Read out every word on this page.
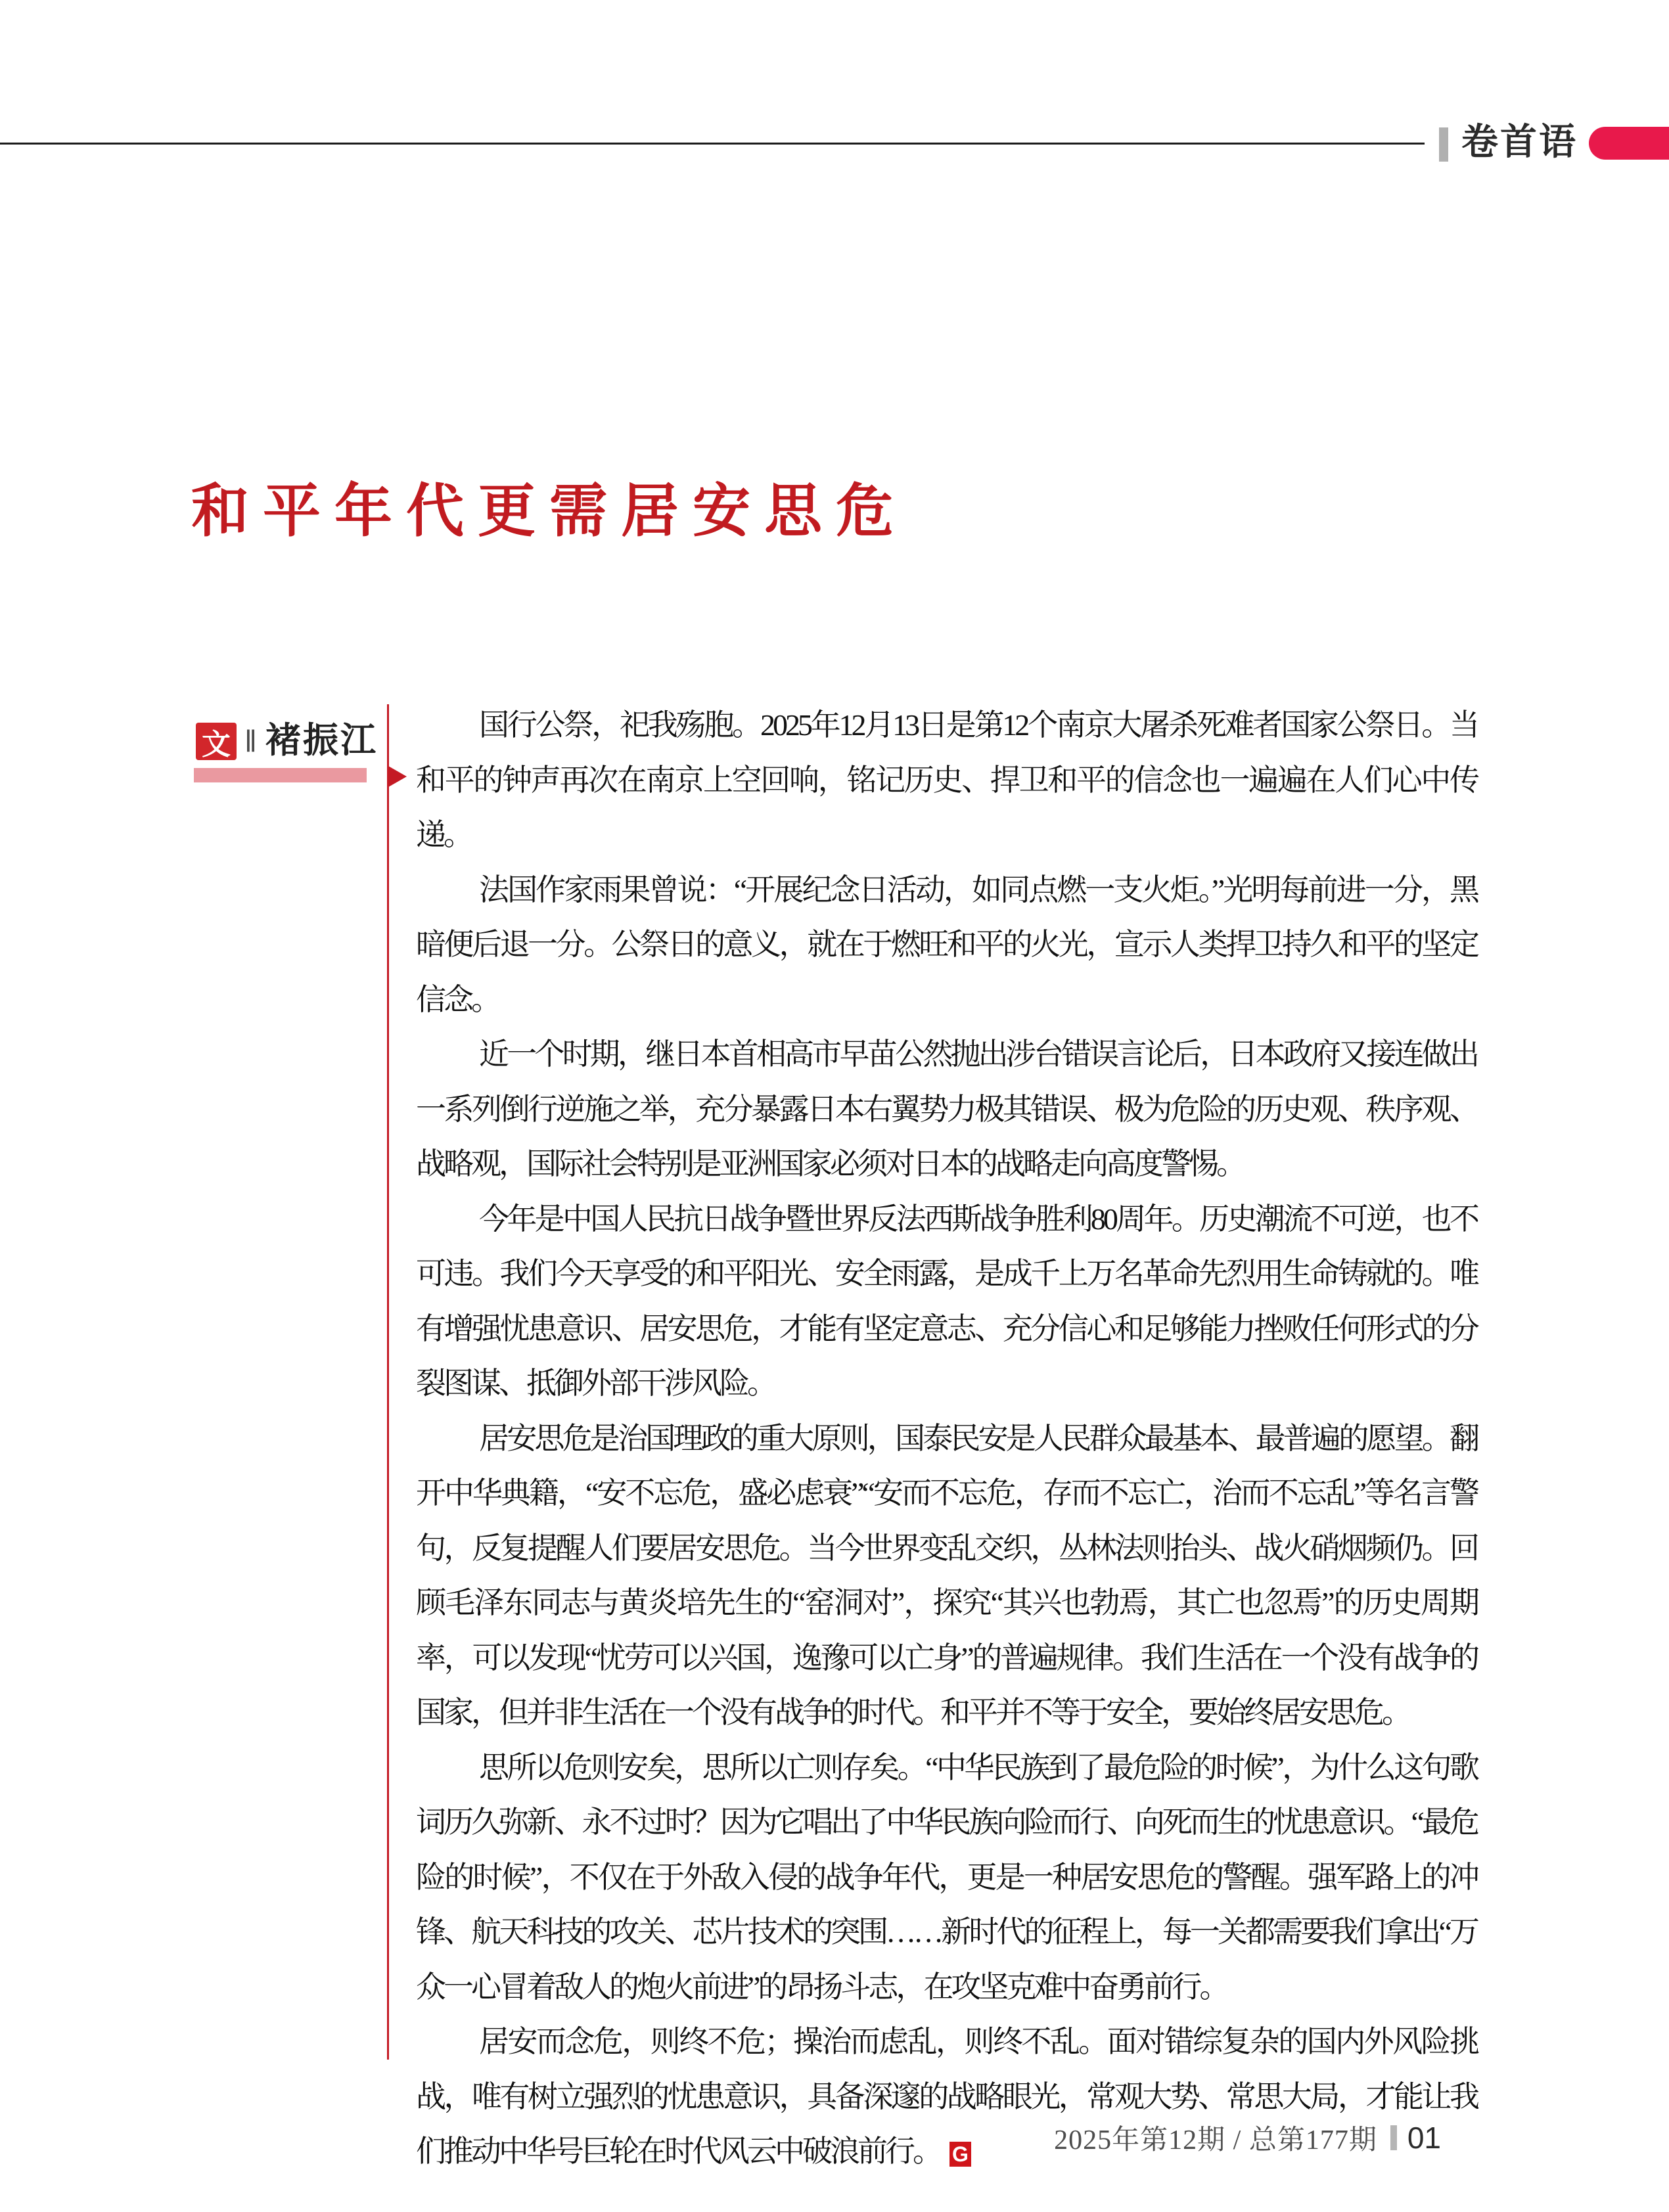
卷首语
和平年代更需居安思危
文 ‖ 褚振江	国行公祭，祀我殇胞。2025年12月13日是第12个南京大屠杀死难者国家公祭日。当和平的钟声再次在南京上空回响，铭记历史、捍卫和平的信念也一遍遍在人们心中传递。

法国作家雨果曾说：“开展纪念日活动，如同点燃一支火炬。”光明每前进一分，黑暗便后退一分。公祭日的意义，就在于燃旺和平的火光，宣示人类捍卫持久和平的坚定信念。

近一个时期，继日本首相高市早苗公然抛出涉台错误言论后，日本政府又接连做出一系列倒行逆施之举，充分暴露日本右翼势力极其错误、极为危险的历史观、秩序观、战略观，国际社会特别是亚洲国家必须对日本的战略走向高度警惕。

今年是中国人民抗日战争暨世界反法西斯战争胜利80周年。历史潮流不可逆，也不可违。我们今天享受的和平阳光、安全雨露，是成千上万名革命先烈用生命铸就的。唯有增强忧患意识、居安思危，才能有坚定意志、充分信心和足够能力挫败任何形式的分裂图谋、抵御外部干涉风险。

居安思危是治国理政的重大原则，国泰民安是人民群众最基本、最普遍的愿望。翻开中华典籍，“安不忘危，盛必虑衰”“安而不忘危，存而不忘亡，治而不忘乱”等名言警句，反复提醒人们要居安思危。当今世界变乱交织，丛林法则抬头、战火硝烟频仍。回顾毛泽东同志与黄炎培先生的“窑洞对”，探究“其兴也勃焉，其亡也忽焉”的历史周期率，可以发现“忧劳可以兴国，逸豫可以亡身”的普遍规律。我们生活在一个没有战争的国家，但并非生活在一个没有战争的时代。和平并不等于安全，要始终居安思危。

思所以危则安矣，思所以亡则存矣。“中华民族到了最危险的时候”，为什么这句歌词历久弥新、永不过时？因为它唱出了中华民族向险而行、向死而生的忧患意识。“最危险的时候”，不仅在于外敌入侵的战争年代，更是一种居安思危的警醒。强军路上的冲锋、航天科技的攻关、芯片技术的突围……新时代的征程上，每一关都需要我们拿出“万众一心冒着敌人的炮火前进”的昂扬斗志，在攻坚克难中奋勇前行。

居安而念危，则终不危；操治而虑乱，则终不乱。面对错综复杂的国内外风险挑战，唯有树立强烈的忧患意识，具备深邃的战略眼光，常观大势、常思大局，才能让我们推动中华号巨轮在时代风云中破浪前行。 G	2025年第12期 / 总第177期 01
